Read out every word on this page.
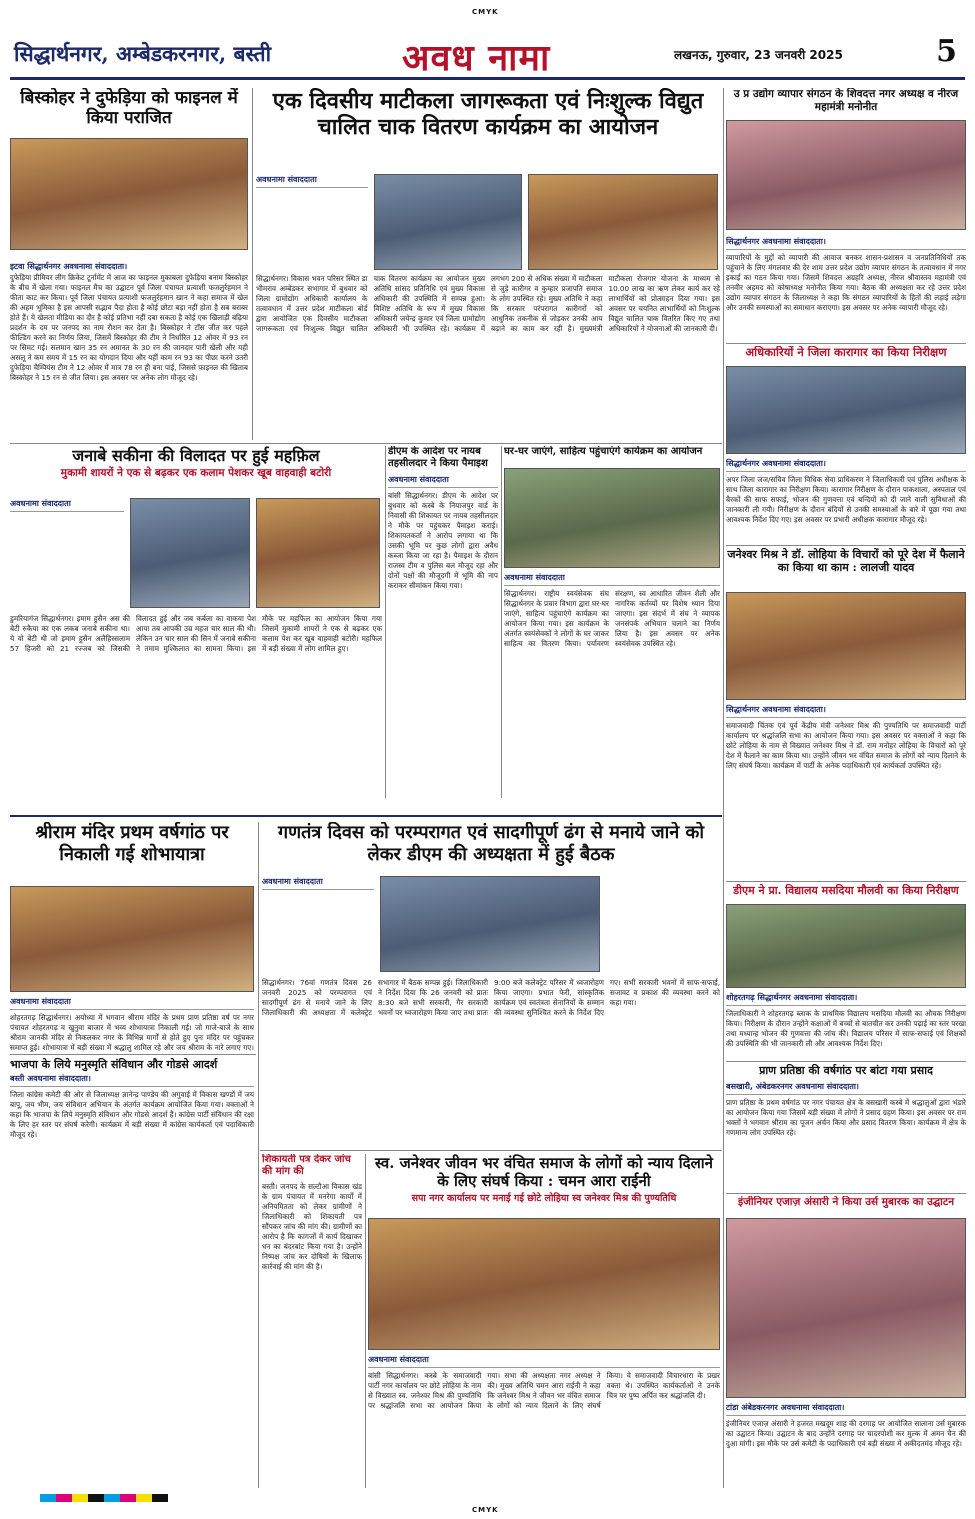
CMYK
सिद्धार्थनगर, अम्बेडकरनगर, बस्ती	अवध नामा	लखनऊ, गुरुवार, 23 जनवरी 2025	5
बिस्कोहर ने दुफेड़िया को फाइनल में किया पराजित
इटवा सिद्धार्थनगर अवधनामा संवाददाता।
दुफेड़िया प्रीमियर लीग क्रिकेट टूर्नामेंट में आज का फाइनल मुकाबला दुफेड़िया बनाम बिस्कोहर के बीच में खेला गया। फाइनल मैच का उद्घाटन पूर्व जिला पंचायत प्रत्याशी फजलुर्रहमान ने फीता काट कर किया। पूर्व जिला पंचायत प्रत्याशी फजलुर्रहमान खान ने कहा समाज में खेल की अहम भूमिका है इस आपसी सद्भाव पैदा होता है कोई छोटा बड़ा नहीं होता है सब बराबर होते हैं। ये खेलता मीडिया का दौर है कोई प्रतिभा नहीं दबा सकता है कोई एक खिलाड़ी बढ़िया प्रदर्शन के दम पर जनपद का नाम रौशन कर देता है। बिस्कोहर ने टॉस जीत कर पहले फील्डिंग करने का निर्णय लिया, जिसमें बिस्कोहर की टीम ने निर्धारित 12 ओवर में 93 रन पर सिमट गई। सलमान खान 35 रन अमानत के 30 रन की जानदार पारी खेली और यही असलू ने कम समय में 15 रन का योगदान दिया और यहीं काम रन 93 का पीछा करने उतरी दुफेड़िया चैम्पियंस टीम ने 12 ओवर में मात्र 78 रन ही बना पाई, जिससे फाइनल की खिताब बिस्कोहर ने 15 रन से जीत लिया। इस अवसर पर अनेक लोग मौजूद रहे।
एक दिवसीय माटीकला जागरूकता एवं निःशुल्क विद्युत चालित चाक वितरण कार्यक्रम का आयोजन
अवधनामा संवाददाता
सिद्धार्थनगर। विकास भवन परिसर स्थित डा भीमराव अम्बेडकर सभागार में बुधवार को जिला ग्रामोद्योग अधिकारी कार्यालय के तत्वावधान में उत्तर प्रदेश माटीकला बोर्ड द्वारा आयोजित एक दिवसीय माटीकला जागरूकता एवं निःशुल्क विद्युत चालित चाक वितरण कार्यक्रम का आयोजन मुख्य अतिथि सांसद प्रतिनिधि एवं मुख्य विकास अधिकारी की उपस्थिति में सम्पन्न हुआ। विशिष्ट अतिथि के रूप में मुख्य विकास अधिकारी जयेन्द्र कुमार एवं जिला ग्रामोद्योग अधिकारी भी उपस्थित रहे। कार्यक्रम में लगभग 200 से अधिक संख्या में माटीकला से जुड़े कारीगर व कुम्हार प्रजापति समाज के लोग उपस्थित रहे। मुख्य अतिथि ने कहा कि सरकार परंपरागत कारीगरों को आधुनिक तकनीक से जोड़कर उनकी आय बढ़ाने का काम कर रही है। मुख्यमंत्री माटीकला रोजगार योजना के माध्यम से 10.00 लाख का ऋण लेकर कार्य कर रहे लाभार्थियों को प्रोत्साहन दिया गया। इस अवसर पर चयनित लाभार्थियों को निःशुल्क विद्युत चालित चाक वितरित किए गए तथा अधिकारियों ने योजनाओं की जानकारी दी।
उ प्र उद्योग व्यापार संगठन के शिवदत्त नगर अध्यक्ष व नीरज महामंत्री मनोनीत
सिद्धार्थनगर अवधनामा संवाददाता।
व्यापारियों के मुद्दों को व्यापारी की आवाज बनकर शासन-प्रशासन व जनप्रतिनिधियों तक पहुंचाने के लिए मंगलवार की देर शाम उत्तर प्रदेश उद्योग व्यापार संगठन के तत्वावधान में नगर इकाई का गठन किया गया। जिसमें शिवदत्त अग्रहरि अध्यक्ष, नीरज श्रीवास्तव महामंत्री एवं तनवीर अहमद को कोषाध्यक्ष मनोनीत किया गया। बैठक की अध्यक्षता कर रहे उत्तर प्रदेश उद्योग व्यापार संगठन के जिलाध्यक्ष ने कहा कि संगठन व्यापारियों के हितों की लड़ाई लड़ेगा और उनकी समस्याओं का समाधान कराएगा। इस अवसर पर अनेक व्यापारी मौजूद रहे।
अधिकारियों ने जिला कारागार का किया निरीक्षण
सिद्धार्थनगर अवधनामा संवाददाता।
अपर जिला जज/सचिव जिला विधिक सेवा प्राधिकरण ने जिलाधिकारी एवं पुलिस अधीक्षक के साथ जिला कारागार का निरीक्षण किया। कारागार निरीक्षण के दौरान पाकशाला, अस्पताल एवं बैरकों की साफ सफाई, भोजन की गुणवत्ता एवं बन्दियों को दी जाने वाली सुविधाओं की जानकारी ली गयी। निरीक्षण के दौरान बंदियों से उनकी समस्याओं के बारे में पूछा गया तथा आवश्यक निर्देश दिए गए। इस अवसर पर प्रभारी अधीक्षक कारागार मौजूद रहे।
जनेश्वर मिश्र ने डॉ. लोहिया के विचारों को पूरे देश में फैलाने का किया था काम : लालजी यादव
सिद्धार्थनगर अवधनामा संवाददाता।
समाजवादी चिंतक एवं पूर्व केंद्रीय मंत्री जनेश्वर मिश्र की पुण्यतिथि पर समाजवादी पार्टी कार्यालय पर श्रद्धांजलि सभा का आयोजन किया गया। इस अवसर पर वक्ताओं ने कहा कि छोटे लोहिया के नाम से विख्यात जनेश्वर मिश्र ने डॉ. राम मनोहर लोहिया के विचारों को पूरे देश में फैलाने का काम किया था। उन्होंने जीवन भर वंचित समाज के लोगों को न्याय दिलाने के लिए संघर्ष किया। कार्यक्रम में पार्टी के अनेक पदाधिकारी एवं कार्यकर्ता उपस्थित रहे।
जनाबे सकीना की विलादत पर हुई महफ़िल
मुकामी शायरों ने एक से बढ़कर एक कलाम पेशकर खूब वाहवाही बटोरी
अवधनामा संवाददाता
डुमरियागंज सिद्धार्थनगर। इमाम हुसैन अस की बेटी रुकैया का एक लकब जनाबे सकीना था। ये वो बेटी थी जो इमाम हुसैन अलैहिस्सलाम 57 हिजरी को 21 रज्जब को जिसकी विलादत हुई और जब कर्बला का वाकया पेश आया तब आपकी उम्र महज चार साल की थी। लेकिन उन चार साल की सिन में जनाबे सकीना ने तमाम मुश्किलात का सामना किया। इस मौके पर महफिल का आयोजन किया गया जिसमें मुकामी शायरों ने एक से बढ़कर एक कलाम पेश कर खूब वाहवाही बटोरी। महफिल में बड़ी संख्या में लोग शामिल हुए।
डीएम के आदेश पर नायब तहसीलदार ने किया पैमाइश
अवधनामा संवाददाता
बांसी सिद्धार्थनगर। डीएम के आदेश पर बुधवार को कस्बे के नियाजपुर वार्ड के निवासी की शिकायत पर नायब तहसीलदार ने मौके पर पहुंचकर पैमाइश कराई। शिकायतकर्ता ने आरोप लगाया था कि उसकी भूमि पर कुछ लोगों द्वारा अवैध कब्जा किया जा रहा है। पैमाइश के दौरान राजस्व टीम व पुलिस बल मौजूद रहा और दोनों पक्षों की मौजूदगी में भूमि की नाप कराकर सीमांकन किया गया।
घर-घर जाएंगे, साहित्य पहुंचाएंगे कार्यक्रम का आयोजन
अवधनामा संवाददाता
सिद्धार्थनगर। राष्ट्रीय स्वयंसेवक संघ सिद्धार्थनगर के प्रचार विभाग द्वारा घर-घर जाएंगे, साहित्य पहुंचाएंगे कार्यक्रम का आयोजन किया गया। इस कार्यक्रम के अंतर्गत स्वयंसेवकों ने लोगों के घर जाकर साहित्य का वितरण किया। पर्यावरण संरक्षण, स्व आधारित जीवन शैली और नागरिक कर्तव्यों पर विशेष ध्यान दिया जाएगा। इस संदर्भ में संघ ने व्यापक जनसंपर्क अभियान चलाने का निर्णय लिया है। इस अवसर पर अनेक स्वयंसेवक उपस्थित रहे।
श्रीराम मंदिर प्रथम वर्षगांठ पर निकाली गई शोभायात्रा
अवधनामा संवाददाता
शोहरतगढ़ सिद्धार्थनगर। अयोध्या में भगवान श्रीराम मंदिर के प्रथम प्राण प्रतिष्ठा वर्ष पर नगर पंचायत शोहरतगढ़ व खुनुवा बाजार में भव्य शोभायात्रा निकाली गई। जो गाजे-बाजे के साथ श्रीराम जानकी मंदिर से निकलकर नगर के विभिन्न मार्गों से होते हुए पुनः मंदिर पर पहुंचकर समाप्त हुई। शोभायात्रा में बड़ी संख्या में श्रद्धालु शामिल रहे और जय श्रीराम के नारे लगाए गए।
गणतंत्र दिवस को परम्परागत एवं सादगीपूर्ण ढंग से मनाये जाने को लेकर डीएम की अध्यक्षता में हुई बैठक
अवधनामा संवाददाता
सिद्धार्थनगर। 76वां गणतंत्र दिवस 26 जनवरी 2025 को परम्परागत एवं सादगीपूर्ण ढंग से मनाये जाने के लिए जिलाधिकारी की अध्यक्षता में कलेक्ट्रेट सभागार में बैठक सम्पन्न हुई। जिलाधिकारी ने निर्देश दिया कि 26 जनवरी को प्रातः 8:30 बजे सभी सरकारी, गैर सरकारी भवनों पर ध्वजारोहण किया जाए तथा प्रातः 9:00 बजे कलेक्ट्रेट परिसर में ध्वजारोहण किया जाएगा। प्रभात फेरी, सांस्कृतिक कार्यक्रम एवं स्वतंत्रता सेनानियों के सम्मान की व्यवस्था सुनिश्चित करने के निर्देश दिए गए। सभी सरकारी भवनों में साफ-सफाई, सजावट व प्रकाश की व्यवस्था करने को कहा गया।
डीएम ने प्रा. विद्यालय मसदिया मौलवी का किया निरीक्षण
शोहरतगढ़ सिद्धार्थनगर अवधनामा संवाददाता।
जिलाधिकारी ने शोहरतगढ़ ब्लाक के प्राथमिक विद्यालय मसदिया मौलवी का औचक निरीक्षण किया। निरीक्षण के दौरान उन्होंने कक्षाओं में बच्चों से बातचीत कर उनकी पढ़ाई का स्तर परखा तथा मध्यान्ह भोजन की गुणवत्ता की जांच की। विद्यालय परिसर में साफ-सफाई एवं शिक्षकों की उपस्थिति की भी जानकारी ली और आवश्यक निर्देश दिए।
प्राण प्रतिष्ठा की वर्षगांठ पर बांटा गया प्रसाद
बसखारी, अंबेडकरनगर अवधनामा संवाददाता।
प्राण प्रतिष्ठा के प्रथम वर्षगांठ पर नगर पंचायत क्षेत्र के बसखारी कस्बे में श्रद्धालुओं द्वारा भंडारे का आयोजन किया गया जिसमें बड़ी संख्या में लोगों ने प्रसाद ग्रहण किया। इस अवसर पर राम भक्तों ने भगवान श्रीराम का पूजन अर्चन किया और प्रसाद वितरण किया। कार्यक्रम में क्षेत्र के गणमान्य लोग उपस्थित रहे।
इंजीनियर एजाज़ अंसारी ने किया उर्स मुबारक का उद्घाटन
टांडा अंबेडकरनगर अवधनामा संवाददाता।
इंजीनियर एजाज़ अंसारी ने हजरत मखदूम शाह की दरगाह पर आयोजित सालाना उर्स मुबारक का उद्घाटन किया। उद्घाटन के बाद उन्होंने दरगाह पर चादरपोशी कर मुल्क में अमन चैन की दुआ मांगी। इस मौके पर उर्स कमेटी के पदाधिकारी एवं बड़ी संख्या में अकीदतमंद मौजूद रहे।
भाजपा के लिये मनुस्मृति संविधान और गोडसे आदर्श
बस्ती अवधनामा संवाददाता।
जिला कांग्रेस कमेटी की ओर से जिलाध्यक्ष ज्ञानेन्द्र पाण्डेय की अगुवाई में विकास खण्डों में जय बापू, जय भीम, जय संविधान अभियान के अंतर्गत कार्यक्रम आयोजित किया गया। वक्ताओं ने कहा कि भाजपा के लिये मनुस्मृति संविधान और गोडसे आदर्श हैं। कांग्रेस पार्टी संविधान की रक्षा के लिए हर स्तर पर संघर्ष करेगी। कार्यक्रम में बड़ी संख्या में कांग्रेस कार्यकर्ता एवं पदाधिकारी मौजूद रहे।
शिकायती पत्र देकर जांच की मांग की
बस्ती। जनपद के सल्टौआ विकास खंड के ग्राम पंचायत में मनरेगा कार्यों में अनियमितता को लेकर ग्रामीणों ने जिलाधिकारी को शिकायती पत्र सौंपकर जांच की मांग की। ग्रामीणों का आरोप है कि कागजों में कार्य दिखाकर धन का बंदरबांट किया गया है। उन्होंने निष्पक्ष जांच कर दोषियों के खिलाफ कार्रवाई की मांग की है।
स्व. जनेश्वर जीवन भर वंचित समाज के लोगों को न्याय दिलाने के लिए संघर्ष किया : चमन आरा राईनी
सपा नगर कार्यालय पर मनाई गई छोटे लोहिया स्व जनेश्वर मिश्र की पुण्यतिथि
अवधनामा संवाददाता
बांसी सिद्धार्थनगर। कस्बे के समाजवादी पार्टी नगर कार्यालय पर छोटे लोहिया के नाम से विख्यात स्व. जनेश्वर मिश्र की पुण्यतिथि पर श्रद्धांजलि सभा का आयोजन किया गया। सभा की अध्यक्षता नगर अध्यक्ष ने की। मुख्य अतिथि चमन आरा राईनी ने कहा कि जनेश्वर मिश्र ने जीवन भर वंचित समाज के लोगों को न्याय दिलाने के लिए संघर्ष किया। वे समाजवादी विचारधारा के प्रखर वक्ता थे। उपस्थित कार्यकर्ताओं ने उनके चित्र पर पुष्प अर्पित कर श्रद्धांजलि दी।
CMYK
